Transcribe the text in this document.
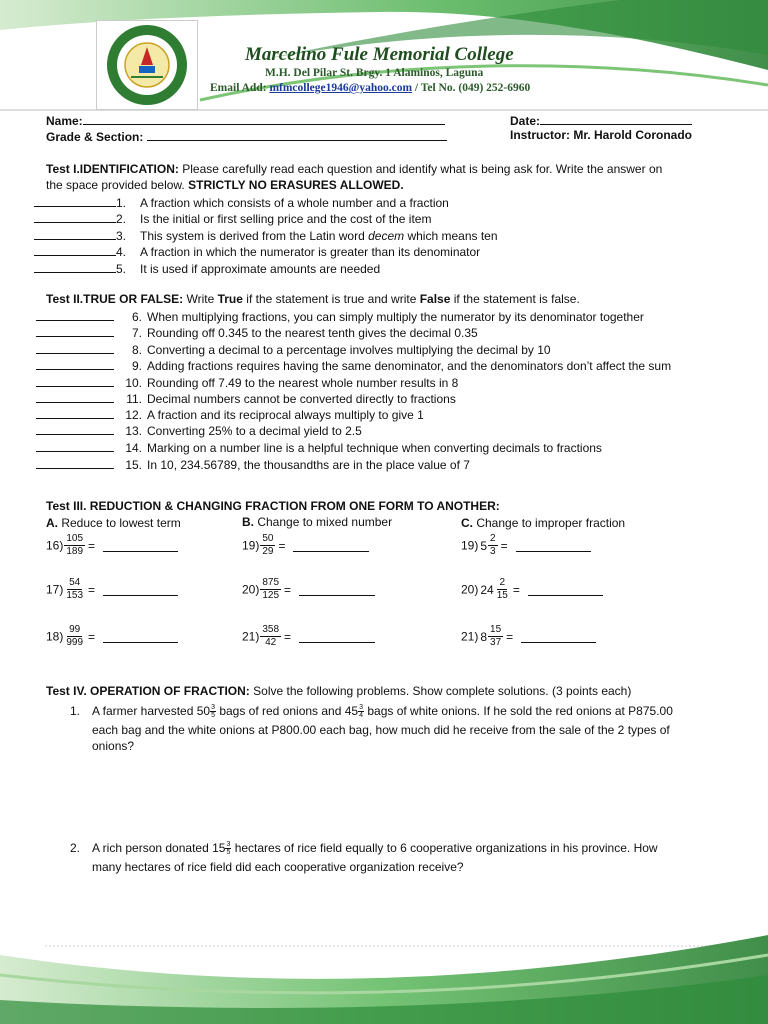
Marcelino Fule Memorial College
M.H. Del Pilar St. Brgy. 1 Alaminos, Laguna
Email Add: mfmcollege1946@yahoo.com / Tel No. (049) 252-6960
Name:
Grade & Section:
Date:
Instructor: Mr. Harold Coronado
Test I.IDENTIFICATION: Please carefully read each question and identify what is being ask for. Write the answer on
the space provided below. STRICTLY NO ERASURES ALLOWED.
1. A fraction which consists of a whole number and a fraction
2. Is the initial or first selling price and the cost of the item
3. This system is derived from the Latin word decem which means ten
4. A fraction in which the numerator is greater than its denominator
5. It is used if approximate amounts are needed
Test II.TRUE OR FALSE: Write True if the statement is true and write False if the statement is false.
6. When multiplying fractions, you can simply multiply the numerator by its denominator together
7. Rounding off 0.345 to the nearest tenth gives the decimal 0.35
8. Converting a decimal to a percentage involves multiplying the decimal by 10
9. Adding fractions requires having the same denominator, and the denominators don’t affect the sum
10. Rounding off 7.49 to the nearest whole number results in 8
11. Decimal numbers cannot be converted directly to fractions
12. A fraction and its reciprocal always multiply to give 1
13. Converting 25% to a decimal yield to 2.5
14. Marking on a number line is a helpful technique when converting decimals to fractions
15. In 10, 234.56789, the thousandths are in the place value of 7
Test III. REDUCTION & CHANGING FRACTION FROM ONE FORM TO ANOTHER:
A. Reduce to lowest term	B. Change to mixed number	C. Change to improper fraction
$16) \frac{105}{189}$ =
$17) \frac{54}{153}$ =
$18) \frac{99}{999}$ =
$19) \frac{50}{29}$ =
$20) \frac{875}{125}$ =
$21) \frac{358}{42}$ =
19) $5 \frac{2}{3}$ =
20) $24 \frac{2}{15}$ =
21) $8 \frac{15}{37}$ =
Test IV. OPERATION OF FRACTION: Solve the following problems. Show complete solutions. (3 points each)
1. A farmer harvested $50 \frac{3}{5}$ bags of red onions and $45 \frac{3}{4}$ bags of white onions. If he sold the red onions at P875.00
each bag and the white onions at P800.00 each bag, how much did he receive from the sale of the 2 types of
onions?
2. A rich person donated $15 \frac{3}{5}$ hectares of rice field equally to 6 cooperative organizations in his province. How
many hectares of rice field did each cooperative organization receive?
